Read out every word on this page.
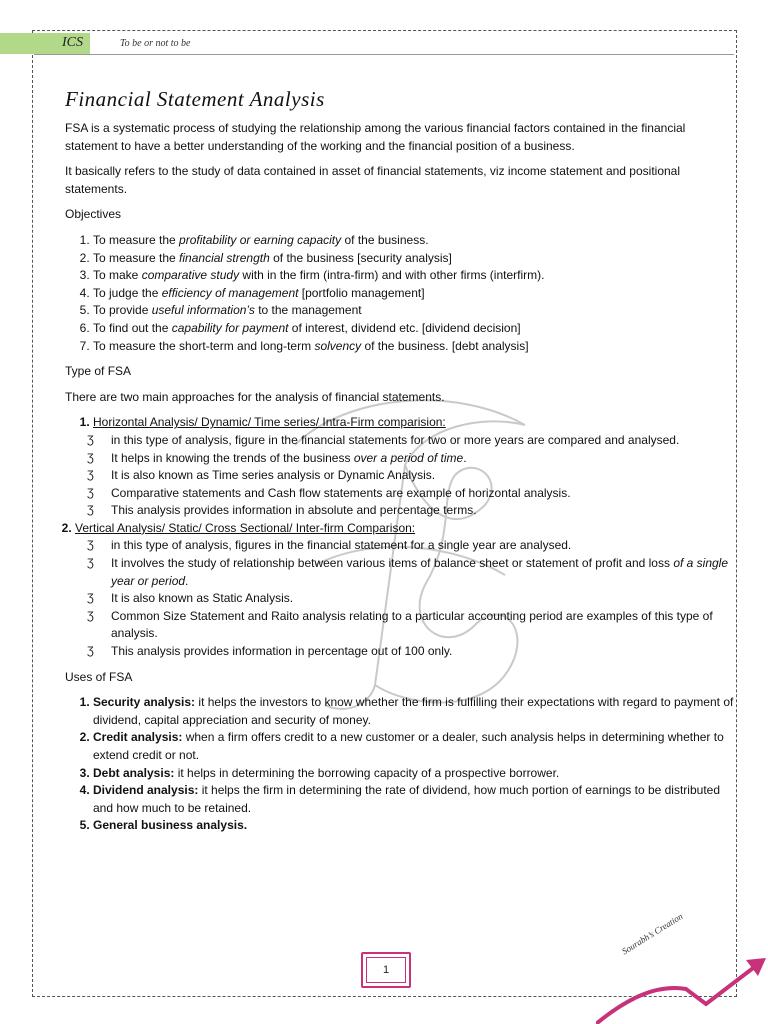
ICS	To be or not to be
Financial Statement Analysis

FSA is a systematic process of studying the relationship among the various financial factors contained in the financial statement to have a better understanding of the working and the financial position of a business.

It basically refers to the study of data contained in asset of financial statements, viz income statement and positional statements.

Objectives
1. To measure the profitability or earning capacity of the business.
2. To measure the financial strength of the business [security analysis]
3. To make comparative study with in the firm (intra-firm) and with other firms (interfirm).
4. To judge the efficiency of management [portfolio management]
5. To provide useful information’s to the management
6. To find out the capability for payment of interest, dividend etc. [dividend decision]
7. To measure the short-term and long-term solvency of the business. [debt analysis]
Type of FSA

There are two main approaches for the analysis of financial statements.

1. Horizontal Analysis/ Dynamic/ Time series/ Intra-Firm comparision:
Ʒ in this type of analysis, figure in the financial statements for two or more years are compared and analysed.
Ʒ It helps in knowing the trends of the business over a period of time.
Ʒ It is also known as Time series analysis or Dynamic Analysis.
Ʒ Comparative statements and Cash flow statements are example of horizontal analysis.
Ʒ This analysis provides information in absolute and percentage terms.
2. Vertical Analysis/ Static/ Cross Sectional/ Inter-firm Comparison:
Ʒ in this type of analysis, figures in the financial statement for a single year are analysed.
Ʒ It involves the study of relationship between various items of balance sheet or statement of profit and loss of a single year or period.
Ʒ It is also known as Static Analysis.
Ʒ Common Size Statement and Raito analysis relating to a particular accounting period are examples of this type of analysis.
Ʒ This analysis provides information in percentage out of 100 only.
Uses of FSA
1. Security analysis: it helps the investors to know whether the firm is fulfilling their expectations with regard to payment of dividend, capital appreciation and security of money.
2. Credit analysis: when a firm offers credit to a new customer or a dealer, such analysis helps in determining whether to extend credit or not.
3. Debt analysis: it helps in determining the borrowing capacity of a prospective borrower.
4. Dividend analysis: it helps the firm in determining the rate of dividend, how much portion of earnings to be distributed and how much to be retained.
5. General business analysis.
1
Sourabh’s Creation
